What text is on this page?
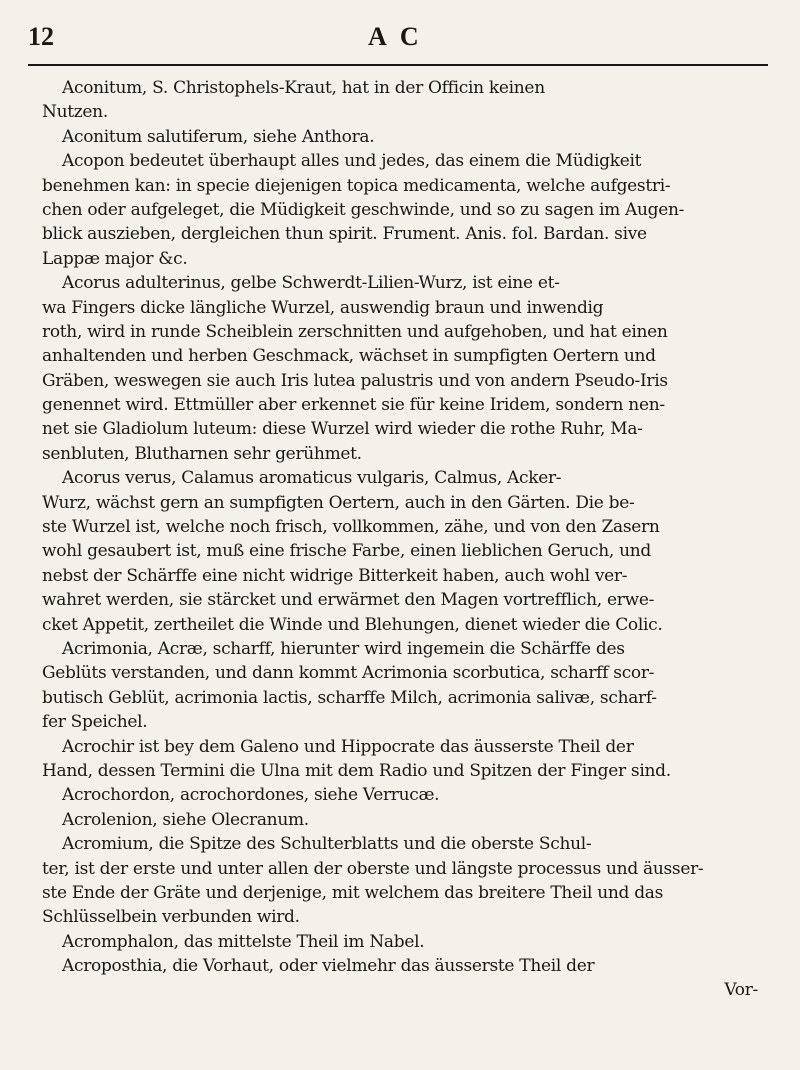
12	A C
Aconitum, S. Christophels-Kraut, hat in der Officin keinen
Nutzen.
Aconitum salutiferum, siehe Anthora.
Acopon bedeutet überhaupt alles und jedes, das einem die Müdigkeit
benehmen kan: in specie diejenigen topica medicamenta, welche aufgestri-
chen oder aufgeleget, die Müdigkeit geschwinde, und so zu sagen im Augen-
blick auszieben, dergleichen thun spirit. Frument. Anis. fol. Bardan. sive
Lappæ major &c.
Acorus adulterinus, gelbe Schwerdt-Lilien-Wurz, ist eine et-
wa Fingers dicke längliche Wurzel, auswendig braun und inwendig
roth, wird in runde Scheiblein zerschnitten und aufgehoben, und hat einen
anhaltenden und herben Geschmack, wächset in sumpfigten Oertern und
Gräben, weswegen sie auch Iris lutea palustris und von andern Pseudo-Iris
genennet wird. Ettmüller aber erkennet sie für keine Iridem, sondern nen-
net sie Gladiolum luteum: diese Wurzel wird wieder die rothe Ruhr, Ma-
senbluten, Blutharnen sehr gerühmet.
Acorus verus, Calamus aromaticus vulgaris, Calmus, Acker-
Wurz, wächst gern an sumpfigten Oertern, auch in den Gärten. Die be-
ste Wurzel ist, welche noch frisch, vollkommen, zähe, und von den Zasern
wohl gesaubert ist, muß eine frische Farbe, einen lieblichen Geruch, und
nebst der Schärffe eine nicht widrige Bitterkeit haben, auch wohl ver-
wahret werden, sie stärcket und erwärmet den Magen vortrefflich, erwe-
cket Appetit, zertheilet die Winde und Blehungen, dienet wieder die Colic.
Acrimonia, Acræ, scharff, hierunter wird ingemein die Schärffe des
Geblüts verstanden, und dann kommt Acrimonia scorbutica, scharff scor-
butisch Geblüt, acrimonia lactis, scharffe Milch, acrimonia salivæ, scharf-
fer Speichel.
Acrochir ist bey dem Galeno und Hippocrate das äusserste Theil der
Hand, dessen Termini die Ulna mit dem Radio und Spitzen der Finger sind.
Acrochordon, acrochordones, siehe Verrucæ.
Acrolenion, siehe Olecranum.
Acromium, die Spitze des Schulterblatts und die oberste Schul-
ter, ist der erste und unter allen der oberste und längste processus und äusser-
ste Ende der Gräte und derjenige, mit welchem das breitere Theil und das
Schlüsselbein verbunden wird.
Acromphalon, das mittelste Theil im Nabel.
Acroposthia, die Vorhaut, oder vielmehr das äusserste Theil der
Vor-
